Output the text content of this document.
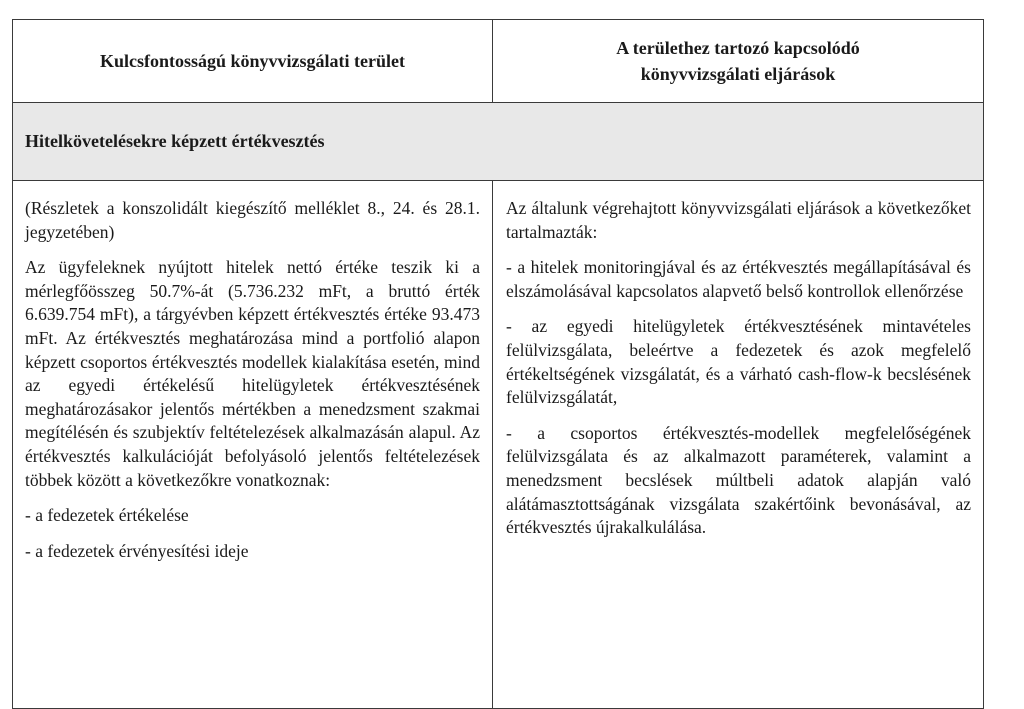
Kulcsfontosságú könyvvizsgálati terület
A területhez tartozó kapcsolódó
könyvvizsgálati eljárások
Hitelkövetelésekre képzett értékvesztés

(Részletek a konszolidált kiegészítő melléklet 8., 24. és 28.1. jegyzetében)

Az ügyfeleknek nyújtott hitelek nettó értéke teszik ki a mérlegfőösszeg 50.7%-át (5.736.232 mFt, a bruttó érték 6.639.754 mFt), a tárgyévben képzett értékvesztés értéke 93.473 mFt. Az értékvesztés meghatározása mind a portfolió alapon képzett csoportos értékvesztés modellek kialakítása esetén, mind az egyedi értékelésű hitelügyletek értékvesztésének meghatározásakor jelentős mértékben a menedzsment szakmai megítélésén és szubjektív feltételezések alkalmazásán alapul. Az értékvesztés kalkulációját befolyásoló jelentős feltételezések többek között a következőkre vonatkoznak:

- a fedezetek értékelése

- a fedezetek érvényesítési ideje

Az általunk végrehajtott könyvvizsgálati eljárások a következőket tartalmazták:

- a hitelek monitoringjával és az értékvesztés megállapításával és elszámolásával kapcsolatos alapvető belső kontrollok ellenőrzése

- az egyedi hitelügyletek értékvesztésének mintavételes felülvizsgálata, beleértve a fedezetek és azok megfelelő értékeltségének vizsgálatát, és a várható cash-flow-k becslésének felülvizsgálatát,

- a csoportos értékvesztés-modellek megfelelőségének felülvizsgálata és az alkalmazott paraméterek, valamint a menedzsment becslések múltbeli adatok alapján való alátámasztottságának vizsgálata szakértőink bevonásával, az értékvesztés újrakalkulálása.
